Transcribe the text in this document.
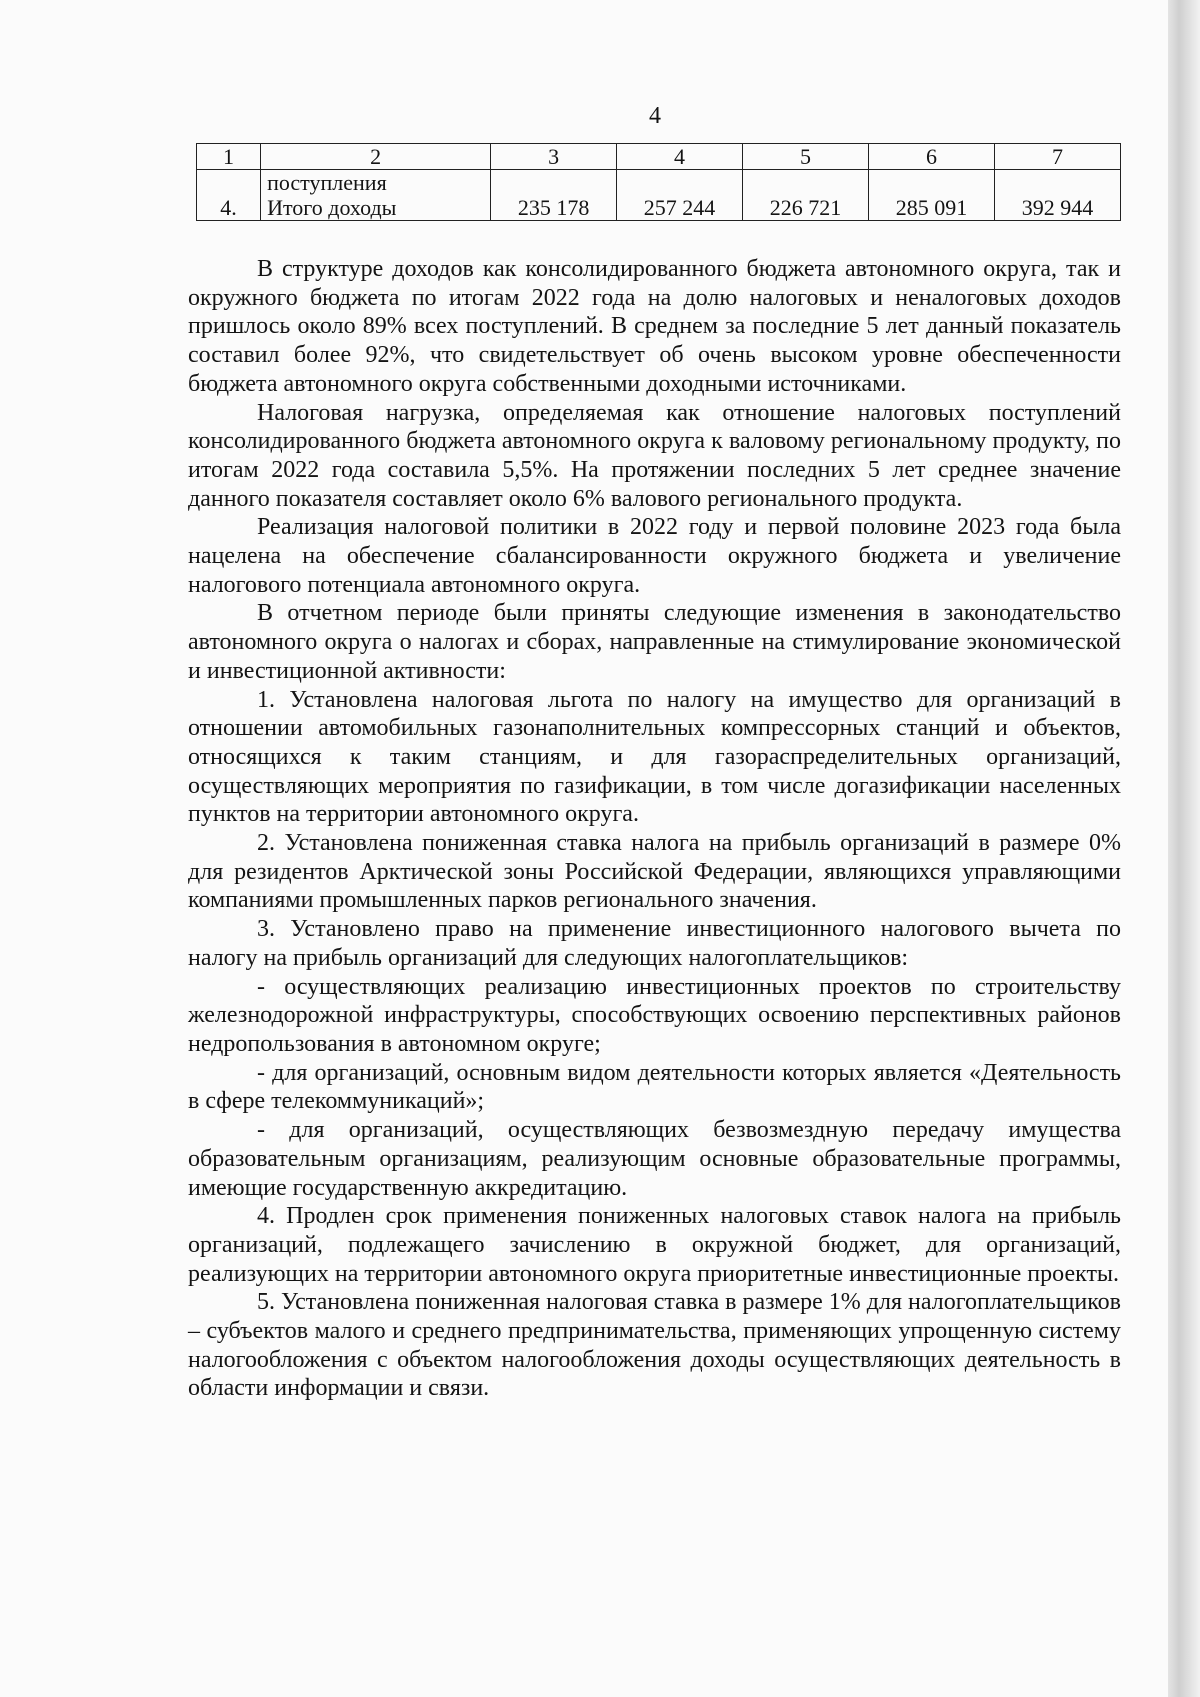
4
1	2	3	4	5	6	7
	поступления					
4.	Итого доходы	235 178	257 244	226 721	285 091	392 944

В структуре доходов как консолидированного бюджета автономного округа, так и окружного бюджета по итогам 2022 года на долю налоговых и неналоговых доходов пришлось около 89% всех поступлений. В среднем за последние 5 лет данный показатель составил более 92%, что свидетельствует об очень высоком уровне обеспеченности бюджета автономного округа собственными доходными источниками.

Налоговая нагрузка, определяемая как отношение налоговых поступлений консолидированного бюджета автономного округа к валовому региональному продукту, по итогам 2022 года составила 5,5%. На протяжении последних 5 лет среднее значение данного показателя составляет около 6% валового регионального продукта.

Реализация налоговой политики в 2022 году и первой половине 2023 года была нацелена на обеспечение сбалансированности окружного бюджета и увеличение налогового потенциала автономного округа.

В отчетном периоде были приняты следующие изменения в законодательство автономного округа о налогах и сборах, направленные на стимулирование экономической и инвестиционной активности:

1. Установлена налоговая льгота по налогу на имущество для организаций в отношении автомобильных газонаполнительных компрессорных станций и объектов, относящихся к таким станциям, и для газораспределительных организаций, осуществляющих мероприятия по газификации, в том числе догазификации населенных пунктов на территории автономного округа.

2. Установлена пониженная ставка налога на прибыль организаций в размере 0% для резидентов Арктической зоны Российской Федерации, являющихся управляющими компаниями промышленных парков регионального значения.

3. Установлено право на применение инвестиционного налогового вычета по налогу на прибыль организаций для следующих налогоплательщиков:

- осуществляющих реализацию инвестиционных проектов по строительству железнодорожной инфраструктуры, способствующих освоению перспективных районов недропользования в автономном округе;

- для организаций, основным видом деятельности которых является «Деятельность в сфере телекоммуникаций»;

- для организаций, осуществляющих безвозмездную передачу имущества образовательным организациям, реализующим основные образовательные программы, имеющие государственную аккредитацию.

4. Продлен срок применения пониженных налоговых ставок налога на прибыль организаций, подлежащего зачислению в окружной бюджет, для организаций, реализующих на территории автономного округа приоритетные инвестиционные проекты.

5. Установлена пониженная налоговая ставка в размере 1% для налогоплательщиков – субъектов малого и среднего предпринимательства, применяющих упрощенную систему налогообложения с объектом налогообложения доходы осуществляющих деятельность в области информации и связи.
